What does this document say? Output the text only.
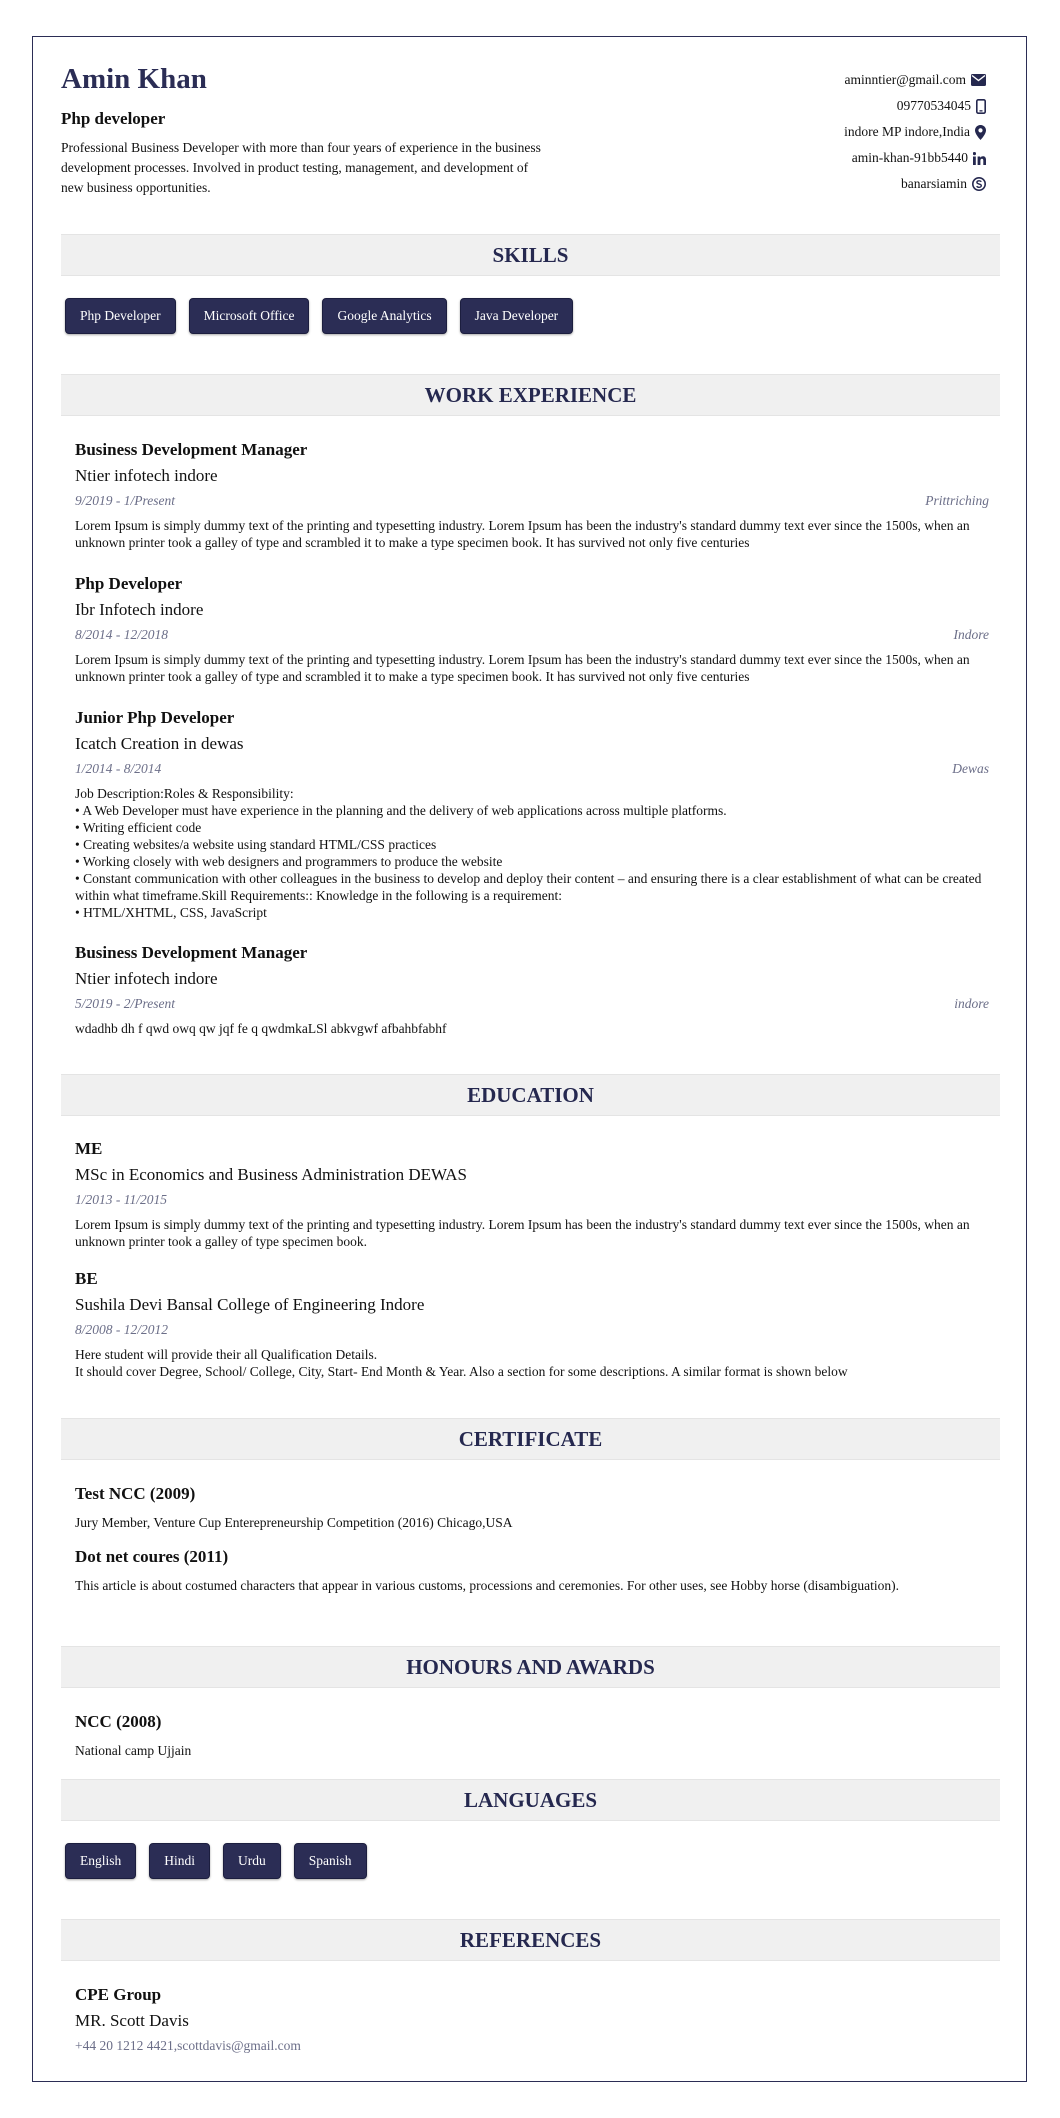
Amin Khan
Php developer

Professional Business Developer with more than four years of experience in the business development processes. Involved in product testing, management, and development of new business opportunities.

aminntier@gmail.com
09770534045
indore MP indore,India
amin-khan-91bb5440
banarsiamin
SKILLS
Php Developer	Microsoft Office	Google Analytics	Java Developer
WORK EXPERIENCE

Business Development Manager

Ntier infotech indore

9/2019 - 1/Present	Prittriching

Lorem Ipsum is simply dummy text of the printing and typesetting industry. Lorem Ipsum has been the industry's standard dummy text ever since the 1500s, when an unknown printer took a galley of type and scrambled it to make a type specimen book. It has survived not only five centuries

Php Developer

Ibr Infotech indore

8/2014 - 12/2018	Indore

Lorem Ipsum is simply dummy text of the printing and typesetting industry. Lorem Ipsum has been the industry's standard dummy text ever since the 1500s, when an unknown printer took a galley of type and scrambled it to make a type specimen book. It has survived not only five centuries

Junior Php Developer

Icatch Creation in dewas

1/2014 - 8/2014	Dewas

Job Description:Roles & Responsibility:

• A Web Developer must have experience in the planning and the delivery of web applications across multiple platforms.

• Writing efficient code

• Creating websites/a website using standard HTML/CSS practices

• Working closely with web designers and programmers to produce the website

• Constant communication with other colleagues in the business to develop and deploy their content – and ensuring there is a clear establishment of what can be created within what timeframe.Skill Requirements:: Knowledge in the following is a requirement:

• HTML/XHTML, CSS, JavaScript

Business Development Manager

Ntier infotech indore

5/2019 - 2/Present	indore

wdadhb dh f qwd owq qw jqf fe q qwdmkaLSl abkvgwf afbahbfabhf

EDUCATION

ME

MSc in Economics and Business Administration DEWAS

1/2013 - 11/2015

Lorem Ipsum is simply dummy text of the printing and typesetting industry. Lorem Ipsum has been the industry's standard dummy text ever since the 1500s, when an unknown printer took a galley of type specimen book.

BE

Sushila Devi Bansal College of Engineering Indore

8/2008 - 12/2012

Here student will provide their all Qualification Details.

It should cover Degree, School/ College, City, Start- End Month & Year. Also a section for some descriptions. A similar format is shown below

CERTIFICATE

Test NCC (2009)

Jury Member, Venture Cup Enterepreneurship Competition (2016) Chicago,USA

Dot net coures (2011)

This article is about costumed characters that appear in various customs, processions and ceremonies. For other uses, see Hobby horse (disambiguation).

HONOURS AND AWARDS

NCC (2008)

National camp Ujjain

LANGUAGES
English	Hindi	Urdu	Spanish
REFERENCES

CPE Group

MR. Scott Davis

+44 20 1212 4421,scottdavis@gmail.com
